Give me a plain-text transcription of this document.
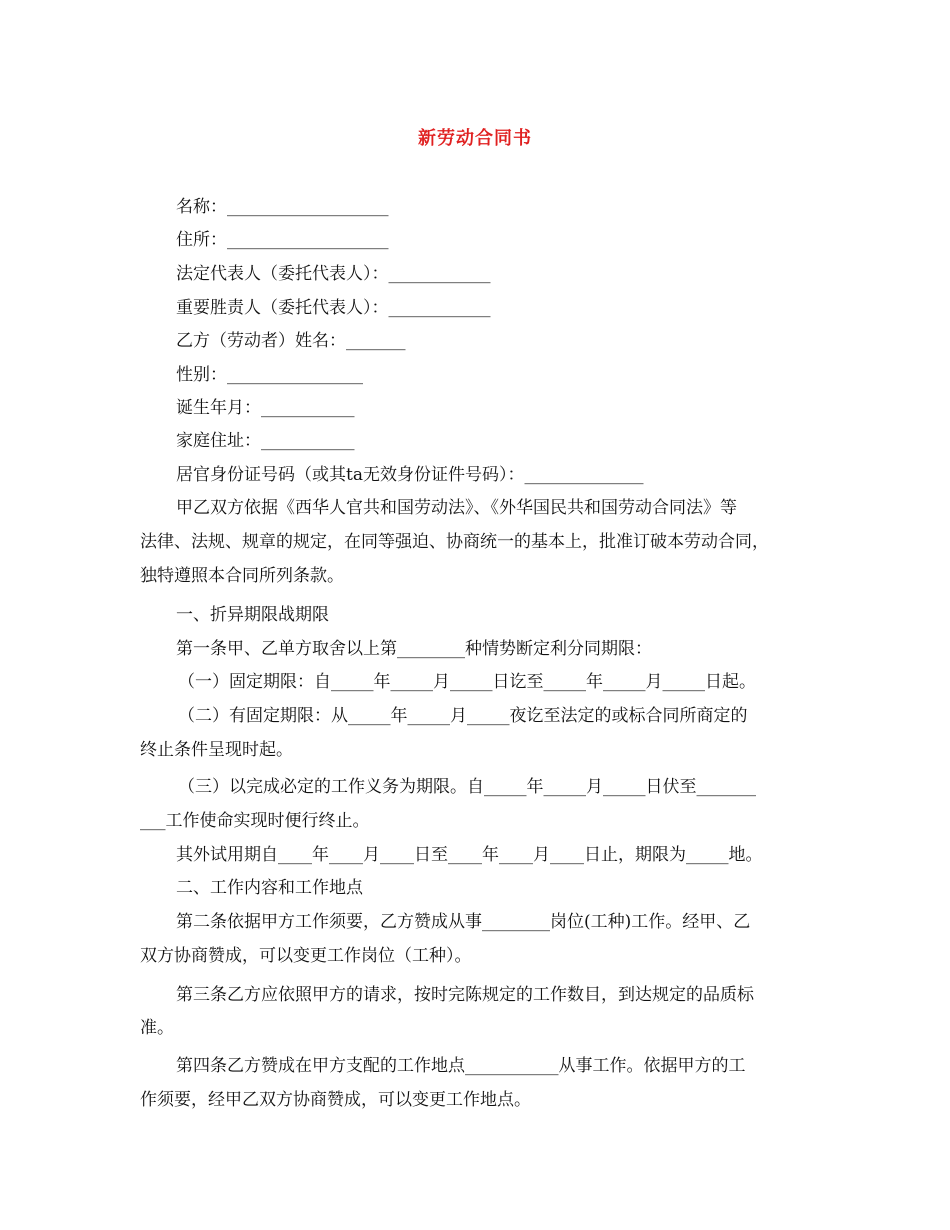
新劳动合同书
名称：___________________
住所：___________________
法定代表人（委托代表人）：____________
重要胜责人（委托代表人）：____________
乙方（劳动者）姓名：_______
性别：________________
诞生年月：___________
家庭住址：___________
居官身份证号码（或其ta无效身份证件号码）：______________
甲乙双方依据《西华人官共和国劳动法》、《外华国民共和国劳动合同法》等
法律、法规、规章的规定，在同等强迫、协商统一的基本上，批准订破本劳动合同，
独特遵照本合同所列条款。
一、折异期限战期限
第一条甲、乙单方取舍以上第________种情势断定利分同期限：
（一）固定期限：自_____年_____月_____日讫至_____年_____月_____日起。
（二）有固定期限：从_____年_____月_____夜讫至法定的或标合同所商定的
终止条件呈现时起。
（三）以完成必定的工作义务为期限。自_____年_____月_____日伏至_______
___工作使命实现时便行终止。
其外试用期自____年____月____日至____年____月____日止，期限为_____地。
二、工作内容和工作地点
第二条依据甲方工作须要，乙方赞成从事________岗位(工种)工作。经甲、乙
双方协商赞成，可以变更工作岗位（工种）。
第三条乙方应依照甲方的请求，按时完陈规定的工作数目，到达规定的品质标
准。
第四条乙方赞成在甲方支配的工作地点___________从事工作。依据甲方的工
作须要，经甲乙双方协商赞成，可以变更工作地点。
